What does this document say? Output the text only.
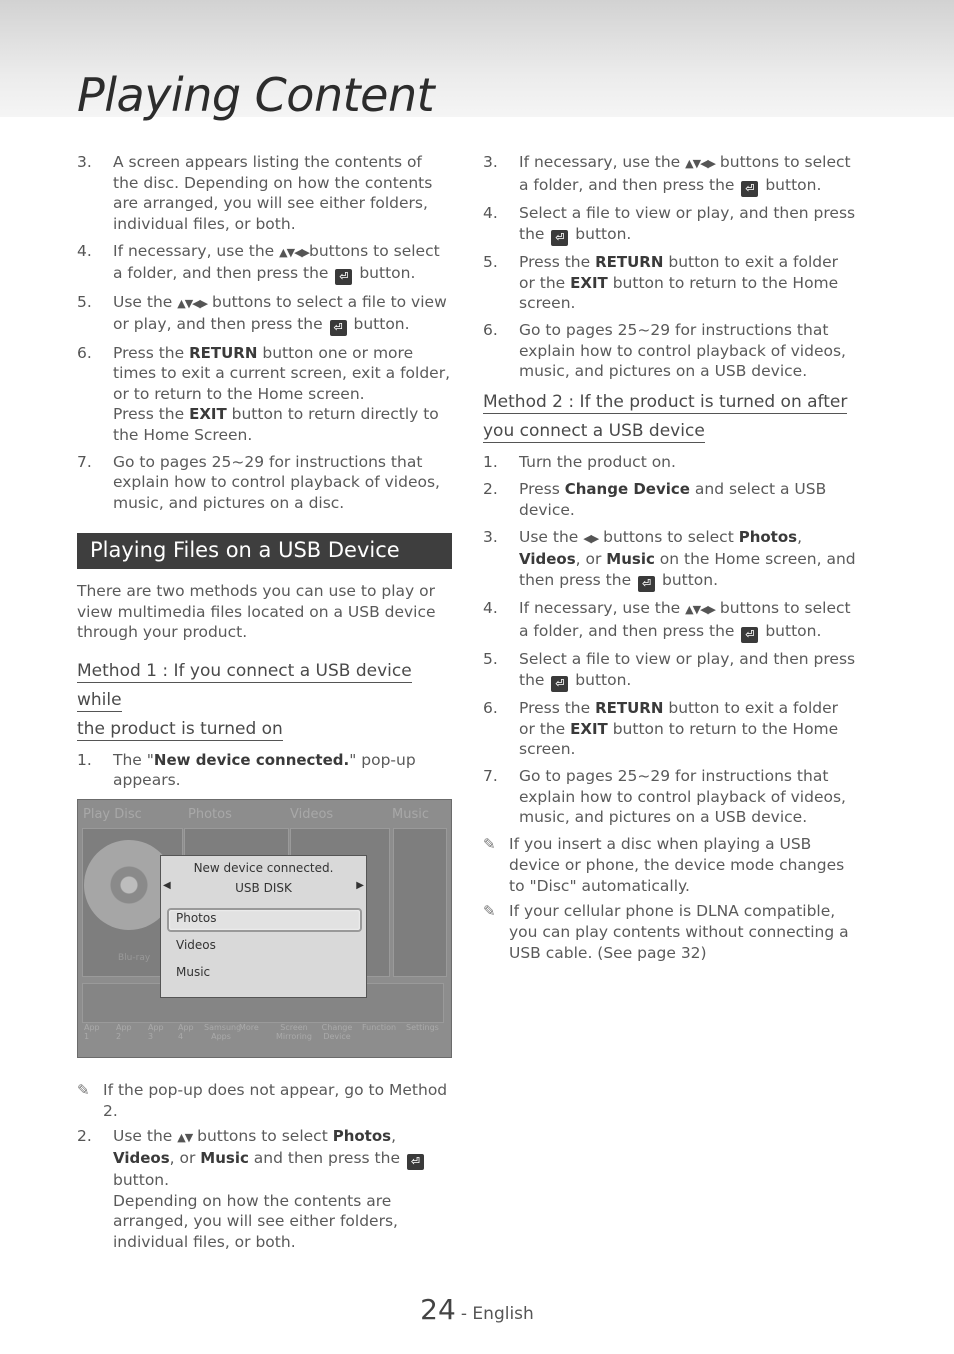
Playing Content
3.	A screen appears listing the contents of the disc. Depending on how the contents are arranged, you will see either folders, individual files, or both.
4.	If necessary, use the ▲▼◀▶buttons to select a folder, and then press the ⏎ button.
5.	Use the ▲▼◀▶ buttons to select a file to view or play, and then press the ⏎ button.
6.	Press the RETURN button one or more times to exit a current screen, exit a folder, or to return to the Home screen.
Press the EXIT button to return directly to the Home Screen.
7.	Go to pages 25~29 for instructions that explain how to control playback of videos, music, and pictures on a disc.
Playing Files on a USB Device
There are two methods you can use to play or view multimedia files located on a USB device through your product.
Method 1 : If you connect a USB device while
the product is turned on
1.	The "New device connected." pop-up appears.
Play Disc	Photos	Videos	Music
Blu-ray
App 1
App 2
App 3
App 4
Samsung Apps
More	Screen Mirroring
Change Device
Function Settings
New device connected.
◀	USB DISK	▶
Photos
Videos
Music
✎ If the pop-up does not appear, go to Method 2.
2.	Use the ▲▼ buttons to select Photos, Videos, or Music and then press the ⏎ button.
Depending on how the contents are arranged, you will see either folders, individual files, or both.
3.	If necessary, use the ▲▼◀▶ buttons to select a folder, and then press the ⏎ button.
4.	Select a file to view or play, and then press the ⏎ button.
5.	Press the RETURN button to exit a folder or the EXIT button to return to the Home screen.
6.	Go to pages 25~29 for instructions that explain how to control playback of videos, music, and pictures on a USB device.
Method 2 : If the product is turned on after
you connect a USB device
1.	Turn the product on.
2.	Press Change Device and select a USB device.
3.	Use the ◀▶ buttons to select Photos, Videos, or Music on the Home screen, and then press the ⏎ button.
4.	If necessary, use the ▲▼◀▶ buttons to select a folder, and then press the ⏎ button.
5.	Select a file to view or play, and then press the ⏎ button.
6.	Press the RETURN button to exit a folder or the EXIT button to return to the Home screen.
7.	Go to pages 25~29 for instructions that explain how to control playback of videos, music, and pictures on a USB device.
✎ If you insert a disc when playing a USB device or phone, the device mode changes to "Disc" automatically.
✎ If your cellular phone is DLNA compatible, you can play contents without connecting a USB cable. (See page 32)
24 - English
